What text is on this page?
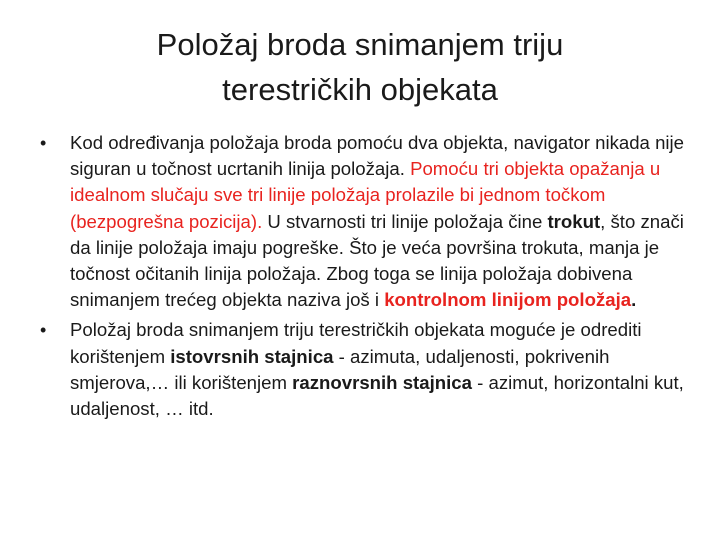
Položaj broda snimanjem triju
terestričkih objekata
• Kod određivanja položaja broda pomoću dva objekta, navigator nikada nije siguran u točnost ucrtanih linija položaja. Pomoću tri objekta opažanja u idealnom slučaju sve tri linije položaja prolazile bi jednom točkom (bezpogrešna pozicija). U stvarnosti tri linije položaja čine trokut, što znači da linije položaja imaju pogreške. Što je veća površina trokuta, manja je točnost očitanih linija položaja. Zbog toga se linija položaja dobivena snimanjem trećeg objekta naziva još i kontrolnom linijom položaja.
• Položaj broda snimanjem triju terestričkih objekata moguće je odrediti korištenjem istovrsnih stajnica - azimuta, udaljenosti, pokrivenih smjerova,… ili korištenjem raznovrsnih stajnica - azimut, horizontalni kut, udaljenost, … itd.
